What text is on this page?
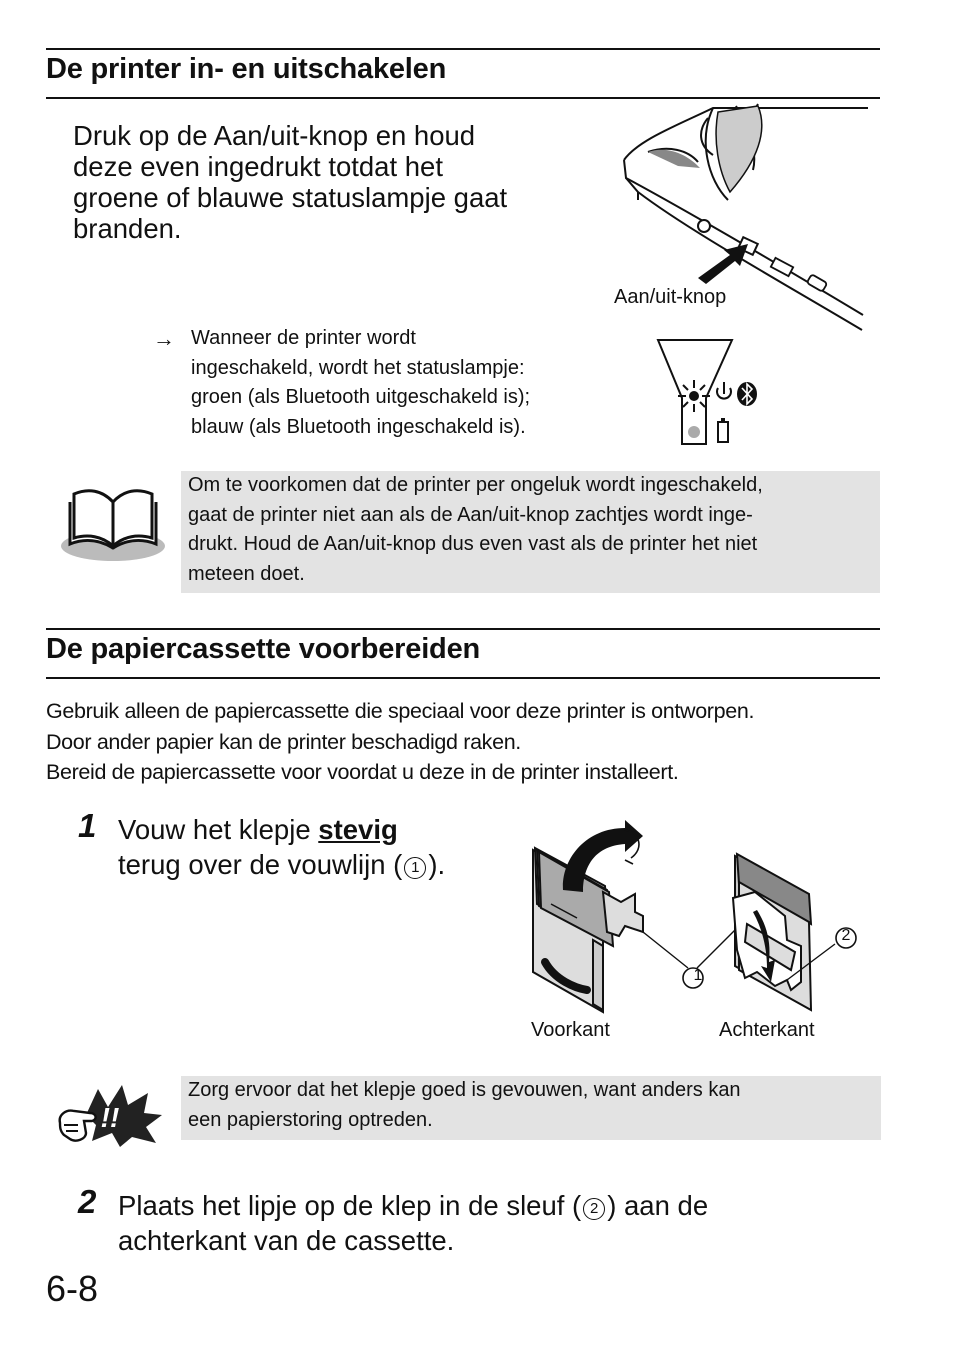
De printer in- en uitschakelen
Druk op de Aan/uit-knop en houd
deze even ingedrukt totdat het
groene of blauwe statuslampje gaat
branden.
Aan/uit-knop
→ Wanneer de printer wordt
ingeschakeld, wordt het statuslampje:
groen (als Bluetooth uitgeschakeld is);
blauw (als Bluetooth ingeschakeld is).

Om te voorkomen dat de printer per ongeluk wordt ingeschakeld,

gaat de printer niet aan als de Aan/uit-knop zachtjes wordt inge-

drukt. Houd de Aan/uit-knop dus even vast als de printer het niet

meteen doet.

De papiercassette voorbereiden
Gebruik alleen de papiercassette die speciaal voor deze printer is ontworpen.
Door ander papier kan de printer beschadigd raken.
Bereid de papiercassette voor voordat u deze in de printer installeert.
1 Vouw het klepje stevig
terug over de vouwlijn ( 1 ).
1
2
Voorkant	Achterkant
!!

Zorg ervoor dat het klepje goed is gevouwen, want anders kan

een papierstoring optreden.

2 Plaats het lipje op de klep in de sleuf ( 2 ) aan de
achterkant van de cassette.
6-8
